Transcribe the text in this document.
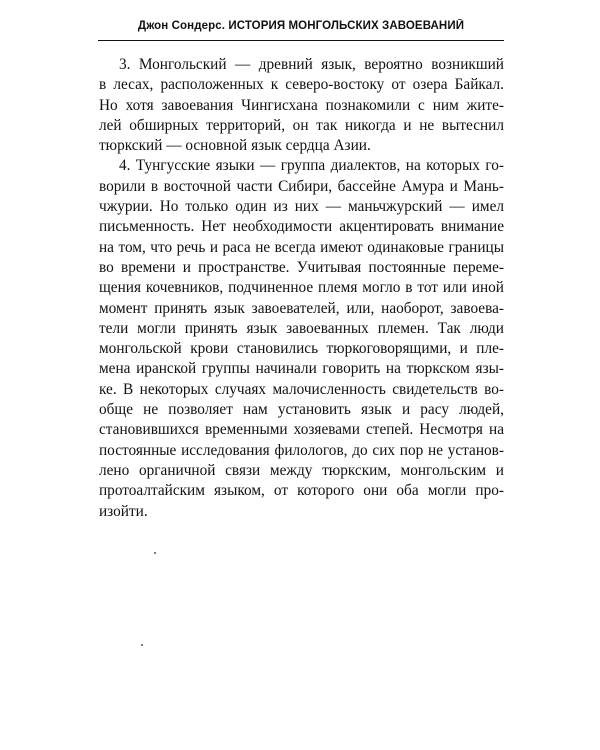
Джон Сондерс. ИСТОРИЯ МОНГОЛЬСКИХ ЗАВОЕВАНИЙ
3. Монгольский — древний язык, вероятно возникший
в лесах, расположенных к северо-востоку от озера Байкал.
Но хотя завоевания Чингисхана познакомили с ним жите-
лей обширных территорий, он так никогда и не вытеснил
тюркский — основной язык сердца Азии.
4. Тунгусские языки — группа диалектов, на которых го-
ворили в восточной части Сибири, бассейне Амура и Мань-
чжурии. Но только один из них — маньчжурский — имел
письменность. Нет необходимости акцентировать внимание
на том, что речь и раса не всегда имеют одинаковые границы
во времени и пространстве. Учитывая постоянные переме-
щения кочевников, подчиненное племя могло в тот или иной
момент принять язык завоевателей, или, наоборот, завоева-
тели могли принять язык завоеванных племен. Так люди
монгольской крови становились тюркоговорящими, и пле-
мена иранской группы начинали говорить на тюркском язы-
ке. В некоторых случаях малочисленность свидетельств во-
обще не позволяет нам установить язык и расу людей,
становившихся временными хозяевами степей. Несмотря на
постоянные исследования филологов, до сих пор не установ-
лено органичной связи между тюркским, монгольским и
протоалтайским языком, от которого они оба могли про-
изойти.
